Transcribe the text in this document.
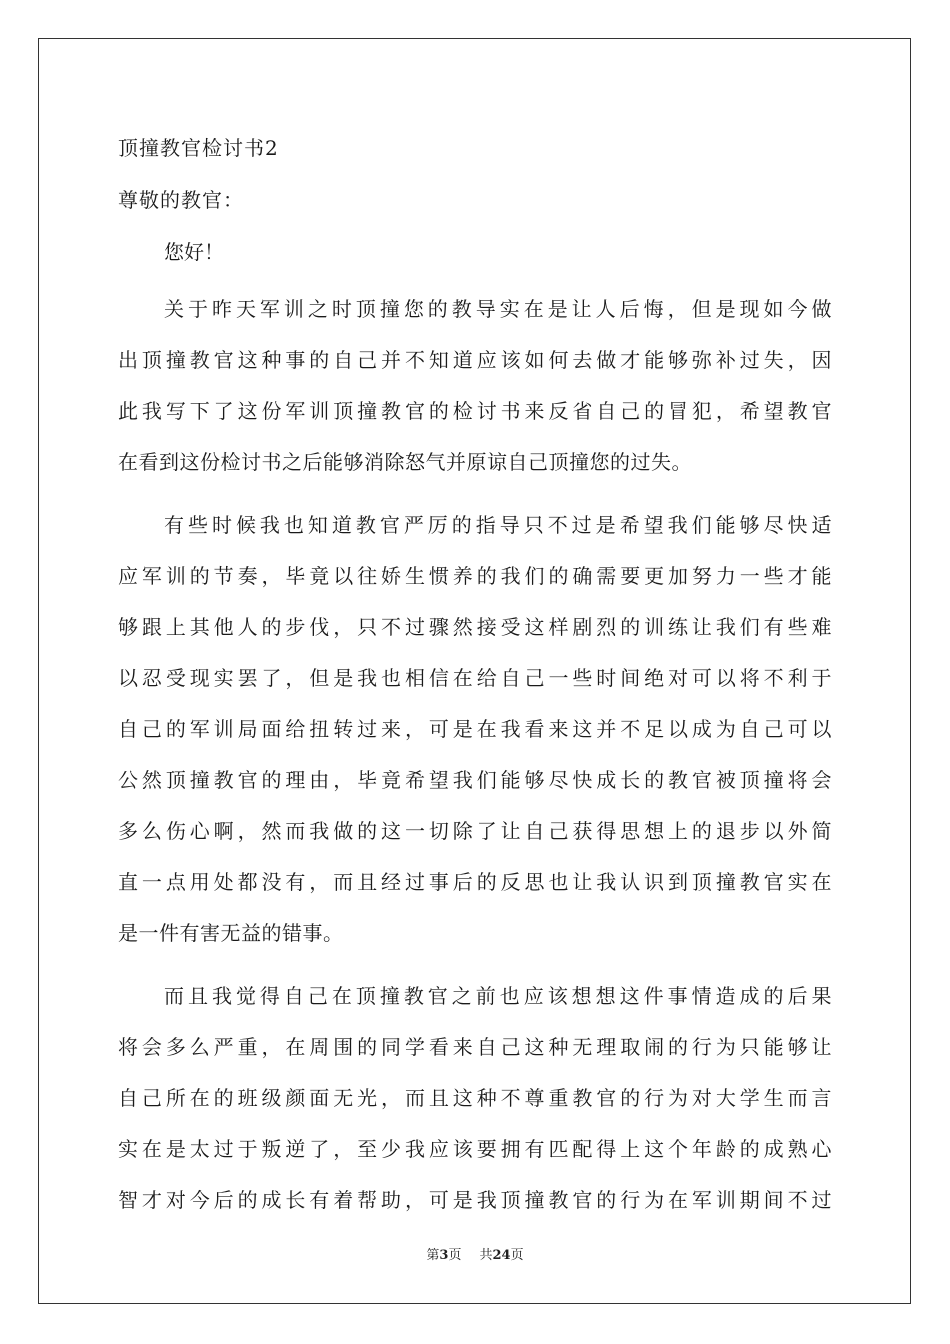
顶撞教官检讨书2
尊敬的教官：
您好！
关于昨天军训之时顶撞您的教导实在是让人后悔，但是现如今做
出顶撞教官这种事的自己并不知道应该如何去做才能够弥补过失，因
此我写下了这份军训顶撞教官的检讨书来反省自己的冒犯，希望教官
在看到这份检讨书之后能够消除怒气并原谅自己顶撞您的过失。
有些时候我也知道教官严厉的指导只不过是希望我们能够尽快适
应军训的节奏，毕竟以往娇生惯养的我们的确需要更加努力一些才能
够跟上其他人的步伐，只不过骤然接受这样剧烈的训练让我们有些难
以忍受现实罢了，但是我也相信在给自己一些时间绝对可以将不利于
自己的军训局面给扭转过来，可是在我看来这并不足以成为自己可以
公然顶撞教官的理由，毕竟希望我们能够尽快成长的教官被顶撞将会
多么伤心啊，然而我做的这一切除了让自己获得思想上的退步以外简
直一点用处都没有，而且经过事后的反思也让我认识到顶撞教官实在
是一件有害无益的错事。
而且我觉得自己在顶撞教官之前也应该想想这件事情造成的后果
将会多么严重，在周围的同学看来自己这种无理取闹的行为只能够让
自己所在的班级颜面无光，而且这种不尊重教官的行为对大学生而言
实在是太过于叛逆了，至少我应该要拥有匹配得上这个年龄的成熟心
智才对今后的成长有着帮助，可是我顶撞教官的行为在军训期间不过
第3页 共24页
